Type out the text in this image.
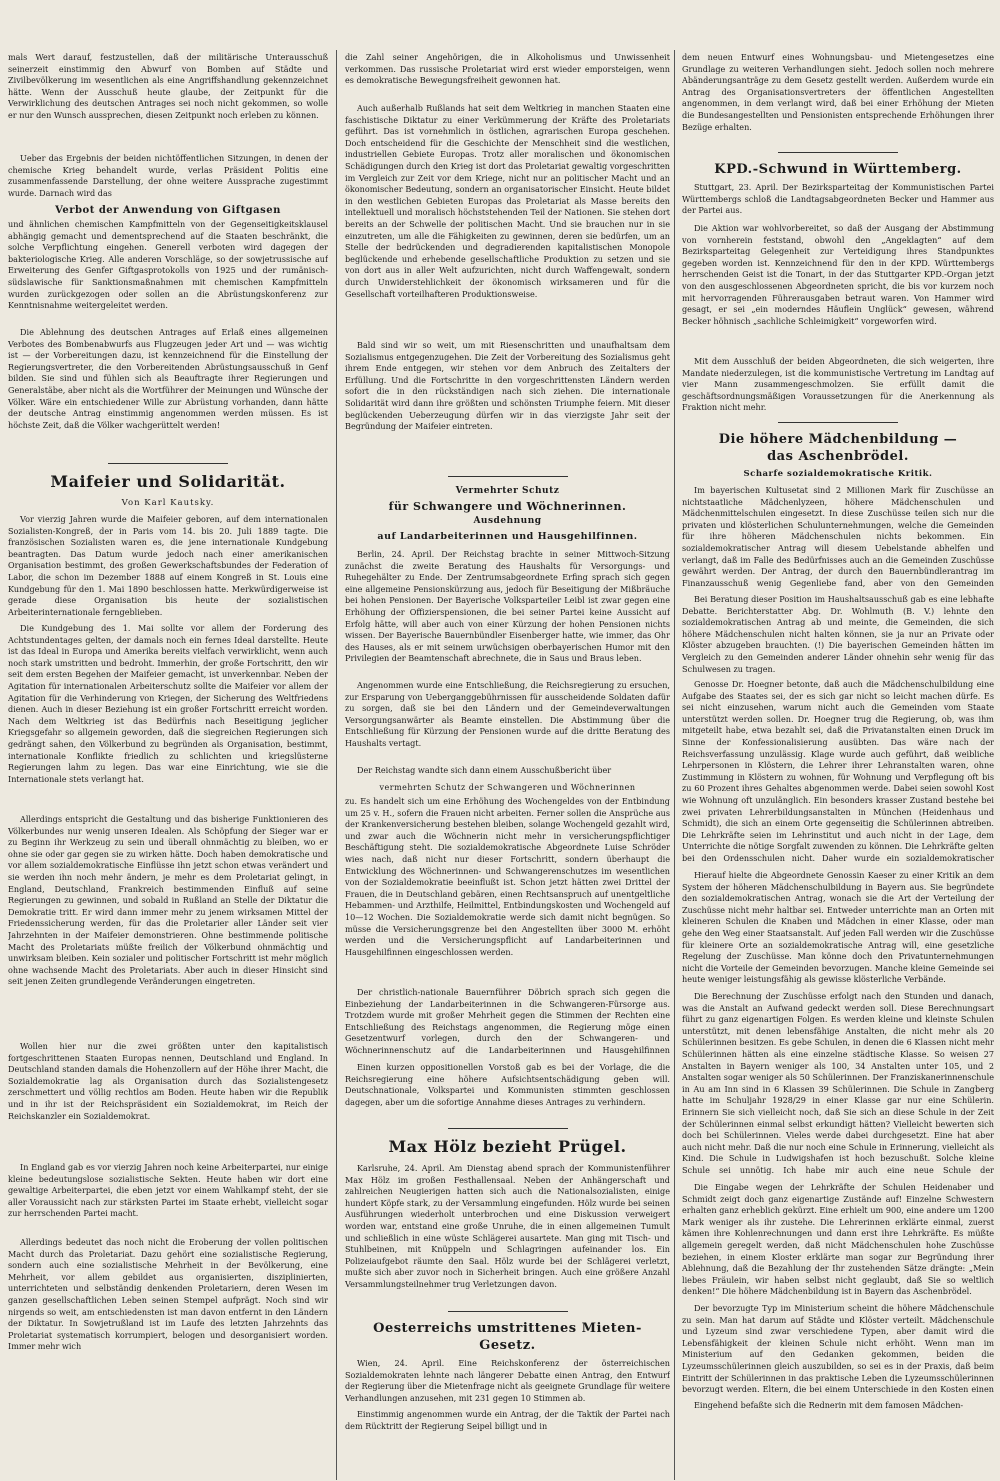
mals Wert darauf, festzustellen, daß der militärische Unterausschuß seinerzeit einstimmig den Abwurf von Bomben auf Städte und Zivilbevölkerung im wesentlichen als eine Angriffshandlung gekennzeichnet hätte. Wenn der Ausschuß heute glaube, der Zeitpunkt für die Verwirklichung des deutschen Antrages sei noch nicht gekommen, so wolle er nur den Wunsch aussprechen, diesen Zeitpunkt noch erleben zu können.

Ueber das Ergebnis der beiden nichtöffentlichen Sitzungen, in denen der chemische Krieg behandelt wurde, verlas Präsident Politis eine zusammenfassende Darstellung, der ohne weitere Aussprache zugestimmt wurde. Darnach wird das

Verbot der Anwendung von Giftgasen

und ähnlichen chemischen Kampfmitteln von der Gegenseitigkeitsklausel abhängig gemacht und dementsprechend auf die Staaten beschränkt, die solche Verpflichtung eingehen. Generell verboten wird dagegen der bakteriologische Krieg. Alle anderen Vorschläge, so der sowjetrussische auf Erweiterung des Genfer Giftgasprotokolls von 1925 und der rumänisch-südslawische für Sanktionsmaßnahmen mit chemischen Kampfmitteln wurden zurückgezogen oder sollen an die Abrüstungskonferenz zur Kenntnisnahme weitergeleitet werden.

Die Ablehnung des deutschen Antrages auf Erlaß eines allgemeinen Verbotes des Bombenabwurfs aus Flugzeugen jeder Art und — was wichtig ist — der Vorbereitungen dazu, ist kennzeichnend für die Einstellung der Regierungsvertreter, die den Vorbereitenden Abrüstungsausschuß in Genf bilden. Sie sind und fühlen sich als Beauftragte ihrer Regierungen und Generalstäbe, aber nicht als die Wortführer der Meinungen und Wünsche der Völker. Wäre ein entschiedener Wille zur Abrüstung vorhanden, dann hätte der deutsche Antrag einstimmig angenommen werden müssen. Es ist höchste Zeit, daß die Völker wachgerüttelt werden!

Maifeier und Solidarität.
Von Karl Kautsky.

Vor vierzig Jahren wurde die Maifeier geboren, auf dem internationalen Sozialisten-Kongreß, der in Paris vom 14. bis 20. Juli 1889 tagte. Die französischen Sozialisten waren es, die jene internationale Kundgebung beantragten. Das Datum wurde jedoch nach einer amerikanischen Organisation bestimmt, des großen Gewerkschaftsbundes der Federation of Labor, die schon im Dezember 1888 auf einem Kongreß in St. Louis eine Kundgebung für den 1. Mai 1890 beschlossen hatte. Merkwürdigerweise ist gerade diese Organisation bis heute der sozialistischen Arbeiterinternationale ferngeblieben.

Die Kundgebung des 1. Mai sollte vor allem der Forderung des Achtstundentages gelten, der damals noch ein fernes Ideal darstellte. Heute ist das Ideal in Europa und Amerika bereits vielfach verwirklicht, wenn auch noch stark umstritten und bedroht. Immerhin, der große Fortschritt, den wir seit dem ersten Begehen der Maifeier gemacht, ist unverkennbar. Neben der Agitation für internationalen Arbeiterschutz sollte die Maifeier vor allem der Agitation für die Verhinderung von Kriegen, der Sicherung des Weltfriedens dienen. Auch in dieser Beziehung ist ein großer Fortschritt erreicht worden. Nach dem Weltkrieg ist das Bedürfnis nach Beseitigung jeglicher Kriegsgefahr so allgemein geworden, daß die siegreichen Regierungen sich gedrängt sahen, den Völkerbund zu begründen als Organisation, bestimmt, internationale Konflikte friedlich zu schlichten und kriegslüsterne Regierungen lahm zu legen. Das war eine Einrichtung, wie sie die Internationale stets verlangt hat.

Allerdings entspricht die Gestaltung und das bisherige Funktionieren des Völkerbundes nur wenig unseren Idealen. Als Schöpfung der Sieger war er zu Beginn ihr Werkzeug zu sein und überall ohnmächtig zu bleiben, wo er ohne sie oder gar gegen sie zu wirken hätte. Doch haben demokratische und vor allem sozialdemokratische Einflüsse ihn jetzt schon etwas verändert und sie werden ihn noch mehr ändern, je mehr es dem Proletariat gelingt, in England, Deutschland, Frankreich bestimmenden Einfluß auf seine Regierungen zu gewinnen, und sobald in Rußland an Stelle der Diktatur die Demokratie tritt. Er wird dann immer mehr zu jenem wirksamen Mittel der Friedenssicherung werden, für das die Proletarier aller Länder seit vier Jahrzehnten in der Maifeier demonstrieren. Ohne bestimmende politische Macht des Proletariats müßte freilich der Völkerbund ohnmächtig und unwirksam bleiben. Kein sozialer und politischer Fortschritt ist mehr möglich ohne wachsende Macht des Proletariats. Aber auch in dieser Hinsicht sind seit jenen Zeiten grundlegende Veränderungen eingetreten.

Wollen hier nur die zwei größten unter den kapitalistisch fortgeschrittenen Staaten Europas nennen, Deutschland und England. In Deutschland standen damals die Hohenzollern auf der Höhe ihrer Macht, die Sozialdemokratie lag als Organisation durch das Sozialistengesetz zerschmettert und völlig rechtlos am Boden. Heute haben wir die Republik und in ihr ist der Reichspräsident ein Sozialdemokrat, im Reich der Reichskanzler ein Sozialdemokrat.

In England gab es vor vierzig Jahren noch keine Arbeiterpartei, nur einige kleine bedeutungslose sozialistische Sekten. Heute haben wir dort eine gewaltige Arbeiterpartei, die eben jetzt vor einem Wahlkampf steht, der sie aller Voraussicht nach zur stärksten Partei im Staate erhebt, vielleicht sogar zur herrschenden Partei macht.

Allerdings bedeutet das noch nicht die Eroberung der vollen politischen Macht durch das Proletariat. Dazu gehört eine sozialistische Regierung, sondern auch eine sozialistische Mehrheit in der Bevölkerung, eine Mehrheit, vor allem gebildet aus organisierten, disziplinierten, unterrichteten und selbständig denkenden Proletariern, deren Wesen im ganzen gesellschaftlichen Leben seinen Stempel aufprägt. Noch sind wir nirgends so weit, am entschiedensten ist man davon entfernt in den Ländern der Diktatur. In Sowjetrußland ist im Laufe des letzten Jahrzehnts das Proletariat systematisch korrumpiert, belogen und desorganisiert worden. Immer mehr wich

die Zahl seiner Angehörigen, die in Alkoholismus und Unwissenheit verkommen. Das russische Proletariat wird erst wieder emporsteigen, wenn es demokratische Bewegungsfreiheit gewonnen hat.

Auch außerhalb Rußlands hat seit dem Weltkrieg in manchen Staaten eine faschistische Diktatur zu einer Verkümmerung der Kräfte des Proletariats geführt. Das ist vornehmlich in östlichen, agrarischen Europa geschehen. Doch entscheidend für die Geschichte der Menschheit sind die westlichen, industriellen Gebiete Europas. Trotz aller moralischen und ökonomischen Schädigungen durch den Krieg ist dort das Proletariat gewaltig vorgeschritten im Vergleich zur Zeit vor dem Kriege, nicht nur an politischer Macht und an ökonomischer Bedeutung, sondern an organisatorischer Einsicht. Heute bildet in den westlichen Gebieten Europas das Proletariat als Masse bereits den intellektuell und moralisch höchststehenden Teil der Nationen. Sie stehen dort bereits an der Schwelle der politischen Macht. Und sie brauchen nur in sie einzutreten, um alle die Fähigkeiten zu gewinnen, deren sie bedürfen, um an Stelle der bedrückenden und degradierenden kapitalistischen Monopole beglückende und erhebende gesellschaftliche Produktion zu setzen und sie von dort aus in aller Welt aufzurichten, nicht durch Waffengewalt, sondern durch Unwiderstehlichkeit der ökonomisch wirksameren und für die Gesellschaft vorteilhafteren Produktionsweise.

Bald sind wir so weit, um mit Riesenschritten und unaufhaltsam dem Sozialismus entgegenzugehen. Die Zeit der Vorbereitung des Sozialismus geht ihrem Ende entgegen, wir stehen vor dem Anbruch des Zeitalters der Erfüllung. Und die Fortschritte in den vorgeschrittensten Ländern werden sofort die in den rückständigen nach sich ziehen. Die internationale Solidarität wird dann ihre größten und schönsten Triumphe feiern. Mit dieser beglückenden Ueberzeugung dürfen wir in das vierzigste Jahr seit der Begründung der Maifeier eintreten.

Vermehrter Schutz
für Schwangere und Wöchnerinnen.
Ausdehnung
auf Landarbeiterinnen und Hausgehilfinnen.

Berlin, 24. April. Der Reichstag brachte in seiner Mittwoch-Sitzung zunächst die zweite Beratung des Haushalts für Versorgungs- und Ruhegehälter zu Ende. Der Zentrumsabgeordnete Erfing sprach sich gegen eine allgemeine Pensionskürzung aus, jedoch für Beseitigung der Mißbräuche bei hohen Pensionen. Der Bayerische Volksparteiler Leibl ist zwar gegen eine Erhöhung der Offizierspensionen, die bei seiner Partei keine Aussicht auf Erfolg hätte, will aber auch von einer Kürzung der hohen Pensionen nichts wissen. Der Bayerische Bauernbündler Eisenberger hatte, wie immer, das Ohr des Hauses, als er mit seinem urwüchsigen oberbayerischen Humor mit den Privilegien der Beamtenschaft abrechnete, die in Saus und Braus leben.

Angenommen wurde eine Entschließung, die Reichsregierung zu ersuchen, zur Ersparung von Ueberganggebührnissen für ausscheidende Soldaten dafür zu sorgen, daß sie bei den Ländern und der Gemeindeverwaltungen Versorgungsanwärter als Beamte einstellen. Die Abstimmung über die Entschließung für Kürzung der Pensionen wurde auf die dritte Beratung des Haushalts vertagt.

Der Reichstag wandte sich dann einem Ausschußbericht über

vermehrten Schutz der Schwangeren und Wöchnerinnen

zu. Es handelt sich um eine Erhöhung des Wochengeldes von der Entbindung um 25 v. H., sofern die Frauen nicht arbeiten. Ferner sollen die Ansprüche aus der Krankenversicherung bestehen bleiben, solange Wochengeld gezahlt wird, und zwar auch die Wöchnerin nicht mehr in versicherungspflichtiger Beschäftigung steht. Die sozialdemokratische Abgeordnete Luise Schröder wies nach, daß nicht nur dieser Fortschritt, sondern überhaupt die Entwicklung des Wöchnerinnen- und Schwangerenschutzes im wesentlichen von der Sozialdemokratie beeinflußt ist. Schon jetzt hätten zwei Drittel der Frauen, die in Deutschland gebären, einen Rechtsanspruch auf unentgeltliche Hebammen- und Arzthilfe, Heilmittel, Entbindungskosten und Wochengeld auf 10—12 Wochen. Die Sozialdemokratie werde sich damit nicht begnügen. So müsse die Versicherungsgrenze bei den Angestellten über 3000 M. erhöht werden und die Versicherungspflicht auf Landarbeiterinnen und Hausgehilfinnen eingeschlossen werden.

Der christlich-nationale Bauernführer Döbrich sprach sich gegen die Einbeziehung der Landarbeiterinnen in die Schwangeren-Fürsorge aus. Trotzdem wurde mit großer Mehrheit gegen die Stimmen der Rechten eine Entschließung des Reichstags angenommen, die Regierung möge einen Gesetzentwurf vorlegen, durch den der Schwangeren- und Wöchnerinnenschutz auf die Landarbeiterinnen und Hausgehilfinnen

Einen kurzen oppositionellen Vorstoß gab es bei der Vorlage, die die Reichsregierung eine höhere Aufsichtsentschädigung geben will. Deutschnationale, Volkspartei und Kommunisten stimmten geschlossen dagegen, aber um die sofortige Annahme dieses Antrages zu verhindern.

Max Hölz bezieht Prügel.

Karlsruhe, 24. April. Am Dienstag abend sprach der Kommunistenführer Max Hölz im großen Festhallensaal. Neben der Anhängerschaft und zahlreichen Neugierigen hatten sich auch die Nationalsozialisten, einige hundert Köpfe stark, zu der Versammlung eingefunden. Hölz wurde bei seinen Ausführungen wiederholt unterbrochen und eine Diskussion verweigert worden war, entstand eine große Unruhe, die in einen allgemeinen Tumult und schließlich in eine wüste Schlägerei ausartete. Man ging mit Tisch- und Stuhlbeinen, mit Knüppeln und Schlagringen aufeinander los. Ein Polizeiaufgebot räumte den Saal. Hölz wurde bei der Schlägerei verletzt, mußte sich aber zuvor noch in Sicherheit bringen. Auch eine größere Anzahl Versammlungsteilnehmer trug Verletzungen davon.

Oesterreichs umstrittenes Mieten-Gesetz.

Wien, 24. April. Eine Reichskonferenz der österreichischen Sozialdemokraten lehnte nach längerer Debatte einen Antrag, den Entwurf der Regierung über die Mietenfrage nicht als geeignete Grundlage für weitere Verhandlungen anzusehen, mit 231 gegen 10 Stimmen ab.

Einstimmig angenommen wurde ein Antrag, der die Taktik der Partei nach dem Rücktritt der Regierung Seipel billigt und in

dem neuen Entwurf eines Wohnungsbau- und Mietengesetzes eine Grundlage zu weiteren Verhandlungen sieht. Jedoch sollen noch mehrere Abänderungsanträge zu dem Gesetz gestellt werden. Außerdem wurde ein Antrag des Organisationsvertreters der öffentlichen Angestellten angenommen, in dem verlangt wird, daß bei einer Erhöhung der Mieten die Bundesangestellten und Pensionisten entsprechende Erhöhungen ihrer Bezüge erhalten.

KPD.-Schwund in Württemberg.

Stuttgart, 23. April. Der Bezirksparteitag der Kommunistischen Partei Württembergs schloß die Landtagsabgeordneten Becker und Hammer aus der Partei aus.

Die Aktion war wohlvorbereitet, so daß der Ausgang der Abstimmung von vornherein feststand, obwohl den „Angeklagten“ auf dem Bezirksparteitag Gelegenheit zur Verteidigung ihres Standpunktes gegeben worden ist. Kennzeichnend für den in der KPD. Württembergs herrschenden Geist ist die Tonart, in der das Stuttgarter KPD.-Organ jetzt von den ausgeschlossenen Abgeordneten spricht, die bis vor kurzem noch mit hervorragenden Führerausgaben betraut waren. Von Hammer wird gesagt, er sei „ein moderndes Häuflein Unglück“ gewesen, während Becker höhnisch „sachliche Schleimigkeit“ vorgeworfen wird.

Mit dem Ausschluß der beiden Abgeordneten, die sich weigerten, ihre Mandate niederzulegen, ist die kommunistische Vertretung im Landtag auf vier Mann zusammengeschmolzen. Sie erfüllt damit die geschäftsordnungsmäßigen Voraussetzungen für die Anerkennung als Fraktion nicht mehr.

Die höhere Mädchenbildung —
das Aschenbrödel.
Scharfe sozialdemokratische Kritik.

Im bayerischen Kultusetat sind 2 Millionen Mark für Zuschüsse an nichtstaatliche Mädchenlyzeen, höhere Mädchenschulen und Mädchenmittelschulen eingesetzt. In diese Zuschüsse teilen sich nur die privaten und klösterlichen Schulunternehmungen, welche die Gemeinden für ihre höheren Mädchenschulen nichts bekommen. Ein sozialdemokratischer Antrag will diesem Uebelstande abhelfen und verlangt, daß im Falle des Bedürfnisses auch an die Gemeinden Zuschüsse gewährt werden. Der Antrag, der durch den Bauernbündlerantrag im Finanzausschuß wenig Gegenliebe fand, aber von den Gemeinden

Bei Beratung dieser Position im Haushaltsausschuß gab es eine lebhafte Debatte. Berichterstatter Abg. Dr. Wohlmuth (B. V.) lehnte den sozialdemokratischen Antrag ab und meinte, die Gemeinden, die sich höhere Mädchenschulen nicht halten können, sie ja nur an Private oder Klöster abzugeben brauchten. (!) Die bayerischen Gemeinden hätten im Vergleich zu den Gemeinden anderer Länder ohnehin sehr wenig für das Schulwesen zu tragen.

Genosse Dr. Hoegner betonte, daß auch die Mädchenschulbildung eine Aufgabe des Staates sei, der es sich gar nicht so leicht machen dürfe. Es sei nicht einzusehen, warum nicht auch die Gemeinden vom Staate unterstützt werden sollen. Dr. Hoegner trug die Regierung, ob, was ihm mitgeteilt habe, etwa bezahlt sei, daß die Privatanstalten einen Druck im Sinne der Konfessionalisierung ausübten. Das wäre nach der Reichsverfassung unzulässig. Klage wurde auch geführt, daß weibliche Lehrpersonen in Klöstern, die Lehrer ihrer Lehranstalten waren, ohne Zustimmung in Klöstern zu wohnen, für Wohnung und Verpflegung oft bis zu 60 Prozent ihres Gehaltes abgenommen werde. Dabei seien sowohl Kost wie Wohnung oft unzulänglich. Ein besonders krasser Zustand bestehe bei zwei privaten Lehrerbildungsanstalten in München (Heidenhaus und Schmidt), die sich an einem Orte gegenseitig die Schülerinnen abtreiben. Die Lehrkräfte seien im Lehrinstitut und auch nicht in der Lage, dem Unterrichte die nötige Sorgfalt zuwenden zu können. Die Lehrkräfte gelten bei den Ordensschulen nicht. Daher wurde ein sozialdemokratischer

Hierauf hielte die Abgeordnete Genossin Kaeser zu einer Kritik an dem System der höheren Mädchenschulbildung in Bayern aus. Sie begründete den sozialdemokratischen Antrag, wonach sie die Art der Verteilung der Zuschüsse nicht mehr haltbar sei. Entweder unterrichte man an Orten mit kleineren Schulen die Knaben und Mädchen in einer Klasse, oder man gehe den Weg einer Staatsanstalt. Auf jeden Fall werden wir die Zuschüsse für kleinere Orte an sozialdemokratische Antrag will, eine gesetzliche Regelung der Zuschüsse. Man könne doch den Privatunternehmungen nicht die Vorteile der Gemeinden bevorzugen. Manche kleine Gemeinde sei heute weniger leistungsfähig als gewisse klösterliche Verbände.

Die Berechnung der Zuschüsse erfolgt nach den Stunden und danach, was die Anstalt an Aufwand gedeckt werden soll. Diese Berechnungsart führt zu ganz eigenartigen Folgen. Es werden kleine und kleinste Schulen unterstützt, mit denen lebensfähige Anstalten, die nicht mehr als 20 Schülerinnen besitzen. Es gebe Schulen, in denen die 6 Klassen nicht mehr Schülerinnen hätten als eine einzelne städtische Klasse. So weisen 27 Anstalten in Bayern weniger als 100, 34 Anstalten unter 105, und 2 Anstalten sogar weniger als 50 Schülerinnen. Der Franziskanerinnenschule in Au am Inn sind in 6 Klassen 39 Schülerinnen. Die Schule in Zangberg hatte im Schuljahr 1928/29 in einer Klasse gar nur eine Schülerin. Erinnern Sie sich vielleicht noch, daß Sie sich an diese Schule in der Zeit der Schülerinnen einmal selbst erkundigt hätten? Vielleicht bewerten sich doch bei Schülerinnen. Vieles werde dabei durchgesetzt. Eine hat aber auch nicht mehr. Daß die nur noch eine Schule in Erinnerung, vielleicht als Kind. Die Schule in Ludwigshafen ist hoch bezuschußt. Solche kleine Schule sei unnötig. Ich habe mir auch eine neue Schule der

Die Eingabe wegen der Lehrkräfte der Schulen Heidenaber und Schmidt zeigt doch ganz eigenartige Zustände auf! Einzelne Schwestern erhalten ganz erheblich gekürzt. Eine erhielt um 900, eine andere um 1200 Mark weniger als ihr zustehe. Die Lehrerinnen erklärte einmal, zuerst kämen ihre Kohlenrechnungen und dann erst ihre Lehrkräfte. Es müßte allgemein geregelt werden, daß nicht Mädchenschulen hohe Zuschüsse beziehen, in einem Kloster erklärte man sogar zur Begründung ihrer Ablehnung, daß die Bezahlung der Ihr zustehenden Sätze drängte: „Mein liebes Fräulein, wir haben selbst nicht geglaubt, daß Sie so weltlich denken!“ Die höhere Mädchenbildung ist in Bayern das Aschenbrödel.

Der bevorzugte Typ im Ministerium scheint die höhere Mädchenschule zu sein. Man hat darum auf Städte und Klöster verteilt. Mädchenschule und Lyzeum sind zwar verschiedene Typen, aber damit wird die Lebensfähigkeit der kleinen Schule nicht erhöht. Wenn man im Ministerium auf den Gedanken gekommen, beiden die Lyzeumsschülerinnen gleich auszubilden, so sei es in der Praxis, daß beim Eintritt der Schülerinnen in das praktische Leben die Lyzeumsschülerinnen bevorzugt werden. Eltern, die bei einem Unterschiede in den Kosten einen

Eingehend befaßte sich die Rednerin mit dem famosen Mädchen-
